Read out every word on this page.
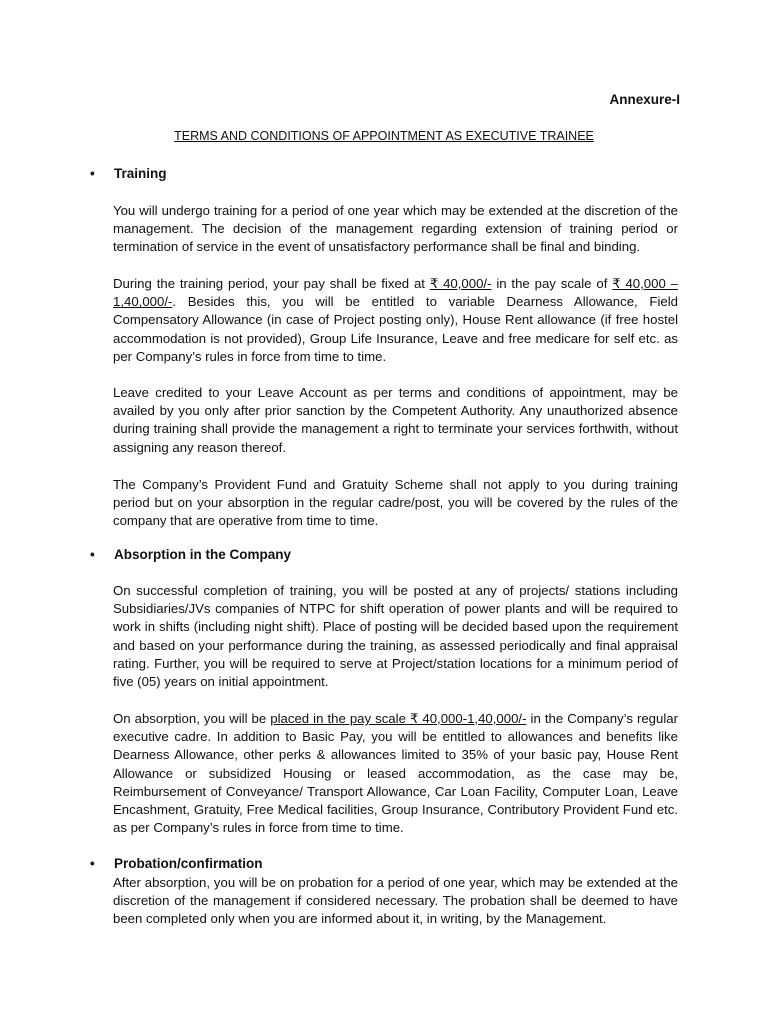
Annexure-I
TERMS AND CONDITIONS OF APPOINTMENT AS EXECUTIVE TRAINEE
• Training

You will undergo training for a period of one year which may be extended at the discretion of the management. The decision of the management regarding extension of training period or termination of service in the event of unsatisfactory performance shall be final and binding.

During the training period, your pay shall be fixed at ₹ 40,000/- in the pay scale of ₹ 40,000 – 1,40,000/-. Besides this, you will be entitled to variable Dearness Allowance, Field Compensatory Allowance (in case of Project posting only), House Rent allowance (if free hostel accommodation is not provided), Group Life Insurance, Leave and free medicare for self etc. as per Company’s rules in force from time to time.

Leave credited to your Leave Account as per terms and conditions of appointment, may be availed by you only after prior sanction by the Competent Authority. Any unauthorized absence during training shall provide the management a right to terminate your services forthwith, without assigning any reason thereof.

The Company’s Provident Fund and Gratuity Scheme shall not apply to you during training period but on your absorption in the regular cadre/post, you will be covered by the rules of the company that are operative from time to time.

• Absorption in the Company

On successful completion of training, you will be posted at any of projects/ stations including Subsidiaries/JVs companies of NTPC for shift operation of power plants and will be required to work in shifts (including night shift). Place of posting will be decided based upon the requirement and based on your performance during the training, as assessed periodically and final appraisal rating. Further, you will be required to serve at Project/station locations for a minimum period of five (05) years on initial appointment.

On absorption, you will be placed in the pay scale ₹ 40,000-1,40,000/- in the Company’s regular executive cadre. In addition to Basic Pay, you will be entitled to allowances and benefits like Dearness Allowance, other perks & allowances limited to 35% of your basic pay, House Rent Allowance or subsidized Housing or leased accommodation, as the case may be, Reimbursement of Conveyance/ Transport Allowance, Car Loan Facility, Computer Loan, Leave Encashment, Gratuity, Free Medical facilities, Group Insurance, Contributory Provident Fund etc. as per Company’s rules in force from time to time.

• Probation/confirmation

After absorption, you will be on probation for a period of one year, which may be extended at the discretion of the management if considered necessary. The probation shall be deemed to have been completed only when you are informed about it, in writing, by the Management.
